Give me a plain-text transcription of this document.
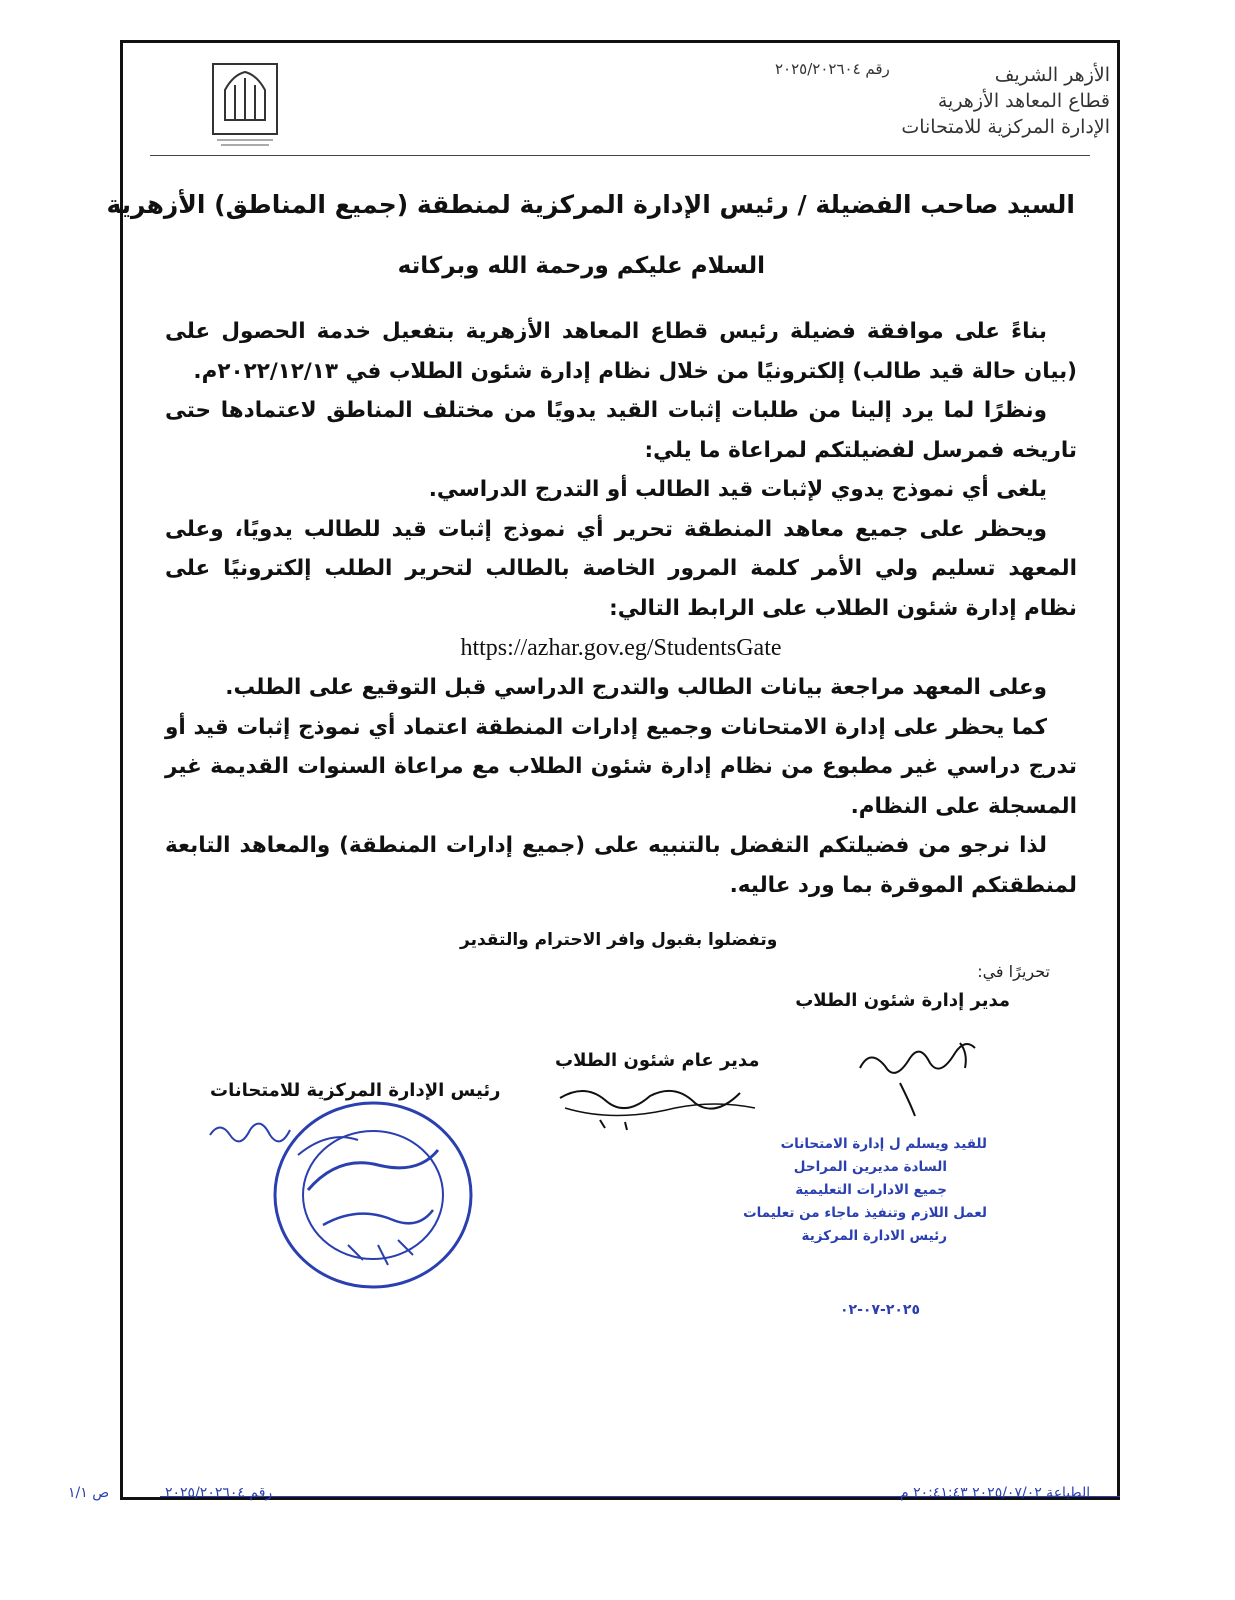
الأزهر الشريف
قطاع المعاهد الأزهرية
الإدارة المركزية للامتحانات
رقم ٢٠٢٥/٢٠٢٦٠٤
السيد صاحب الفضيلة / رئيس الإدارة المركزية لمنطقة (جميع المناطق) الأزهرية
السلام عليكم ورحمة الله وبركاته

بناءً على موافقة فضيلة رئيس قطاع المعاهد الأزهرية بتفعيل خدمة الحصول على (بيان حالة قيد طالب) إلكترونيًا من خلال نظام إدارة شئون الطلاب في ٢٠٢٢/١٢/١٣م.

ونظرًا لما يرد إلينا من طلبات إثبات القيد يدويًا من مختلف المناطق لاعتمادها حتى تاريخه فمرسل لفضيلتكم لمراعاة ما يلي:

يلغى أي نموذج يدوي لإثبات قيد الطالب أو التدرج الدراسي.

ويحظر على جميع معاهد المنطقة تحرير أي نموذج إثبات قيد للطالب يدويًا، وعلى المعهد تسليم ولي الأمر كلمة المرور الخاصة بالطالب لتحرير الطلب إلكترونيًا على نظام إدارة شئون الطلاب على الرابط التالي:

https://azhar.gov.eg/StudentsGate

وعلى المعهد مراجعة بيانات الطالب والتدرج الدراسي قبل التوقيع على الطلب.

كما يحظر على إدارة الامتحانات وجميع إدارات المنطقة اعتماد أي نموذج إثبات قيد أو تدرج دراسي غير مطبوع من نظام إدارة شئون الطلاب مع مراعاة السنوات القديمة غير المسجلة على النظام.

لذا نرجو من فضيلتكم التفضل بالتنبيه على (جميع إدارات المنطقة) والمعاهد التابعة لمنطقتكم الموقرة بما ورد عاليه.

وتفضلوا بقبول وافر الاحترام والتقدير
تحريرًا في:
مدير إدارة شئون الطلاب
مدير عام شئون الطلاب
رئيس الإدارة المركزية للامتحانات
للقيد ويسلم ل إدارة الامتحانات
السادة مديرين المراحل
جميع الادارات التعليمية
لعمل اللازم وتنفيذ ماجاء من تعليمات
رئيس الادارة المركزية
٢٠٢٥-٠٧-٠٢
ص ١/١	رقم ٢٠٢٥/٢٠٢٦٠٤	الطباعة ٢٠٢٥/٠٧/٠٢ ٢٠:٤١:٤٣ م
